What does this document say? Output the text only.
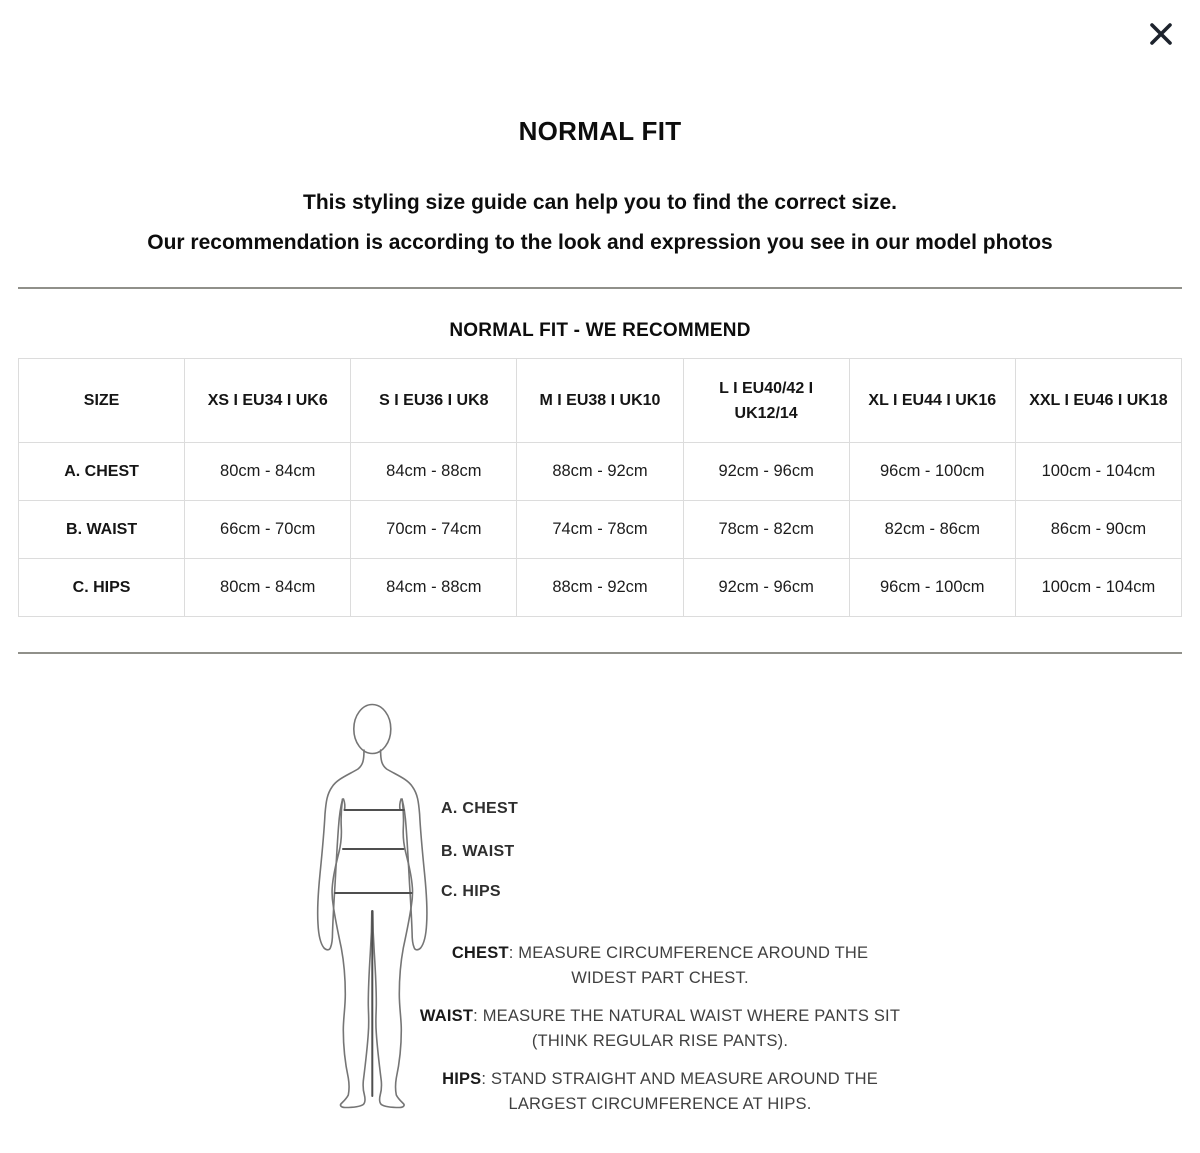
NORMAL FIT
This styling size guide can help you to find the correct size.
Our recommendation is according to the look and expression you see in our model photos
NORMAL FIT - WE RECOMMEND
SIZE	XS I EU34 I UK6	S I EU36 I UK8	M I EU38 I UK10	L I EU40/42 I UK12/14	XL I EU44 I UK16	XXL I EU46 I UK18
A. CHEST	80cm - 84cm	84cm - 88cm	88cm - 92cm	92cm - 96cm	96cm - 100cm	100cm - 104cm
B. WAIST	66cm - 70cm	70cm - 74cm	74cm - 78cm	78cm - 82cm	82cm - 86cm	86cm - 90cm
C. HIPS	80cm - 84cm	84cm - 88cm	88cm - 92cm	92cm - 96cm	96cm - 100cm	100cm - 104cm
A. CHEST
B. WAIST
C. HIPS

CHEST: MEASURE CIRCUMFERENCE AROUND THE
WIDEST PART CHEST.

WAIST: MEASURE THE NATURAL WAIST WHERE PANTS SIT
(THINK REGULAR RISE PANTS).

HIPS: STAND STRAIGHT AND MEASURE AROUND THE
LARGEST CIRCUMFERENCE AT HIPS.
